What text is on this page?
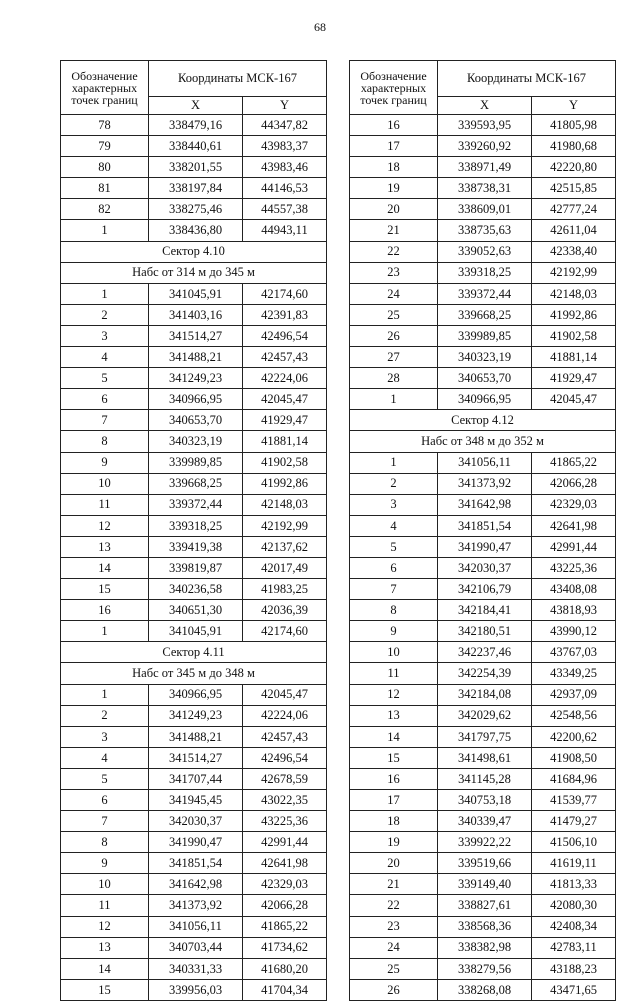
68
Обозначение
характерных
точек границ	Координаты МСК-167	
	X	Y
78	338479,16	44347,82
79	338440,61	43983,37
80	338201,55	43983,46
81	338197,84	44146,53
82	338275,46	44557,38
1	338436,80	44943,11
Сектор 4.10		
Набс от 314 м до 345 м		
1	341045,91	42174,60
2	341403,16	42391,83
3	341514,27	42496,54
4	341488,21	42457,43
5	341249,23	42224,06
6	340966,95	42045,47
7	340653,70	41929,47
8	340323,19	41881,14
9	339989,85	41902,58
10	339668,25	41992,86
11	339372,44	42148,03
12	339318,25	42192,99
13	339419,38	42137,62
14	339819,87	42017,49
15	340236,58	41983,25
16	340651,30	42036,39
1	341045,91	42174,60
Сектор 4.11		
Набс от 345 м до 348 м		
1	340966,95	42045,47
2	341249,23	42224,06
3	341488,21	42457,43
4	341514,27	42496,54
5	341707,44	42678,59
6	341945,45	43022,35
7	342030,37	43225,36
8	341990,47	42991,44
9	341851,54	42641,98
10	341642,98	42329,03
11	341373,92	42066,28
12	341056,11	41865,22
13	340703,44	41734,62
14	340331,33	41680,20
15	339956,03	41704,34
Обозначение
характерных
точек границ	Координаты МСК-167	
	X	Y
16	339593,95	41805,98
17	339260,92	41980,68
18	338971,49	42220,80
19	338738,31	42515,85
20	338609,01	42777,24
21	338735,63	42611,04
22	339052,63	42338,40
23	339318,25	42192,99
24	339372,44	42148,03
25	339668,25	41992,86
26	339989,85	41902,58
27	340323,19	41881,14
28	340653,70	41929,47
1	340966,95	42045,47
Сектор 4.12		
Набс от 348 м до 352 м		
1	341056,11	41865,22
2	341373,92	42066,28
3	341642,98	42329,03
4	341851,54	42641,98
5	341990,47	42991,44
6	342030,37	43225,36
7	342106,79	43408,08
8	342184,41	43818,93
9	342180,51	43990,12
10	342237,46	43767,03
11	342254,39	43349,25
12	342184,08	42937,09
13	342029,62	42548,56
14	341797,75	42200,62
15	341498,61	41908,50
16	341145,28	41684,96
17	340753,18	41539,77
18	340339,47	41479,27
19	339922,22	41506,10
20	339519,66	41619,11
21	339149,40	41813,33
22	338827,61	42080,30
23	338568,36	42408,34
24	338382,98	42783,11
25	338279,56	43188,23
26	338268,08	43471,65
